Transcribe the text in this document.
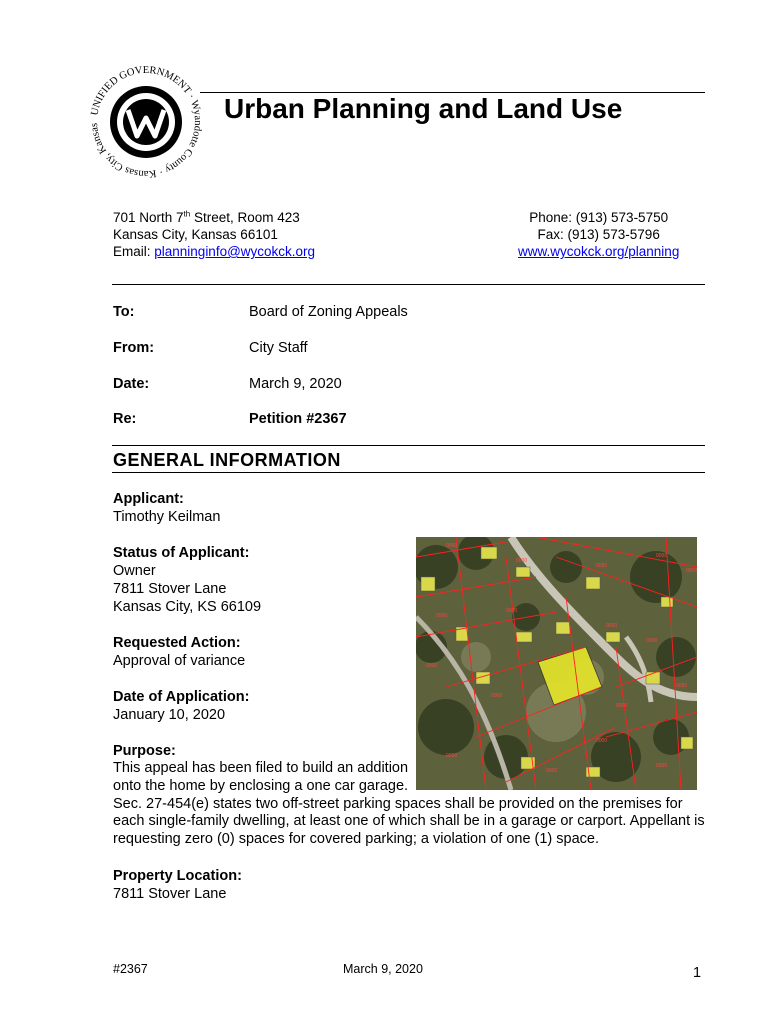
UNIFIED GOVERNMENT · Wyandotte County · Kansas City, Kansas
Urban Planning and Land Use
701 North 7th Street, Room 423
Kansas City, Kansas 66101
Email: planninginfo@wycokck.org
Phone: (913) 573-5750
Fax: (913) 573-5796
www.wycokck.org/planning
To:	Board of Zoning Appeals
From:	City Staff
Date:	March 9, 2020
Re:	Petition #2367
GENERAL INFORMATION
Applicant:
Timothy Keilman
Status of Applicant:
Owner
7811 Stover Lane
Kansas City, KS 66109
Requested Action:
Approval of variance
Date of Application:
January 10, 2020
Purpose:
This appeal has been filed to build an addition onto the home by enclosing a one car garage. Sec. 27-454(e) states two off-street parking spaces shall be provided on the premises for each single-family dwelling, at least one of which shall be in a garage or carport. Appellant is requesting zero (0) spaces for covered parking; a violation of one (1) space.
Property Location:
7811 Stover Lane
0000
0000
0000
0000
0000
0000
0000
0000
0000
0000
0000
0000
0000
0000
0000
0000
0000
#2367	March 9, 2020	1
